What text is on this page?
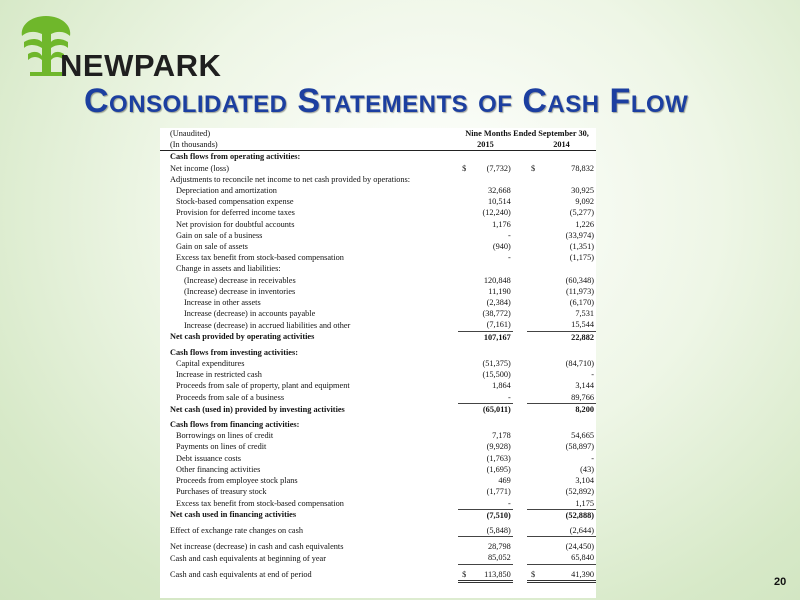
NEWPARK
Consolidated Statements of Cash Flow
(Unaudited)	Nine Months Ended September 30,				
(In thousands)	2015			2014	
Cash flows from operating activities:					
Net income (loss)	$	(7,732)		$	78,832
Adjustments to reconcile net income to net cash provided by operations:					
Depreciation and amortization		32,668			30,925
Stock-based compensation expense		10,514			9,092
Provision for deferred income taxes		(12,240)			(5,277)
Net provision for doubtful accounts		1,176			1,226
Gain on sale of a business		-			(33,974)
Gain on sale of assets		(940)			(1,351)
Excess tax benefit from stock-based compensation		-			(1,175)
Change in assets and liabilities:					
(Increase) decrease in receivables		120,848			(60,348)
(Increase) decrease in inventories		11,190			(11,973)
Increase in other assets		(2,384)			(6,170)
Increase (decrease) in accounts payable		(38,772)			7,531
Increase (decrease) in accrued liabilities and other		(7,161)			15,544
Net cash provided by operating activities		107,167			22,882
Cash flows from investing activities:					
Capital expenditures		(51,375)			(84,710)
Increase in restricted cash		(15,500)			-
Proceeds from sale of property, plant and equipment		1,864			3,144
Proceeds from sale of a business		-			89,766
Net cash (used in) provided by investing activities		(65,011)			8,200
Cash flows from financing activities:					
Borrowings on lines of credit		7,178			54,665
Payments on lines of credit		(9,928)			(58,897)
Debt issuance costs		(1,763)			-
Other financing activities		(1,695)			(43)
Proceeds from employee stock plans		469			3,104
Purchases of treasury stock		(1,771)			(52,892)
Excess tax benefit from stock-based compensation		-			1,175
Net cash used in financing activities		(7,510)			(52,888)
Effect of exchange rate changes on cash		(5,848)			(2,644)
Net increase (decrease) in cash and cash equivalents		28,798			(24,450)
Cash and cash equivalents at beginning of year		85,052			65,840
Cash and cash equivalents at end of period	$	113,850		$	41,390
20
